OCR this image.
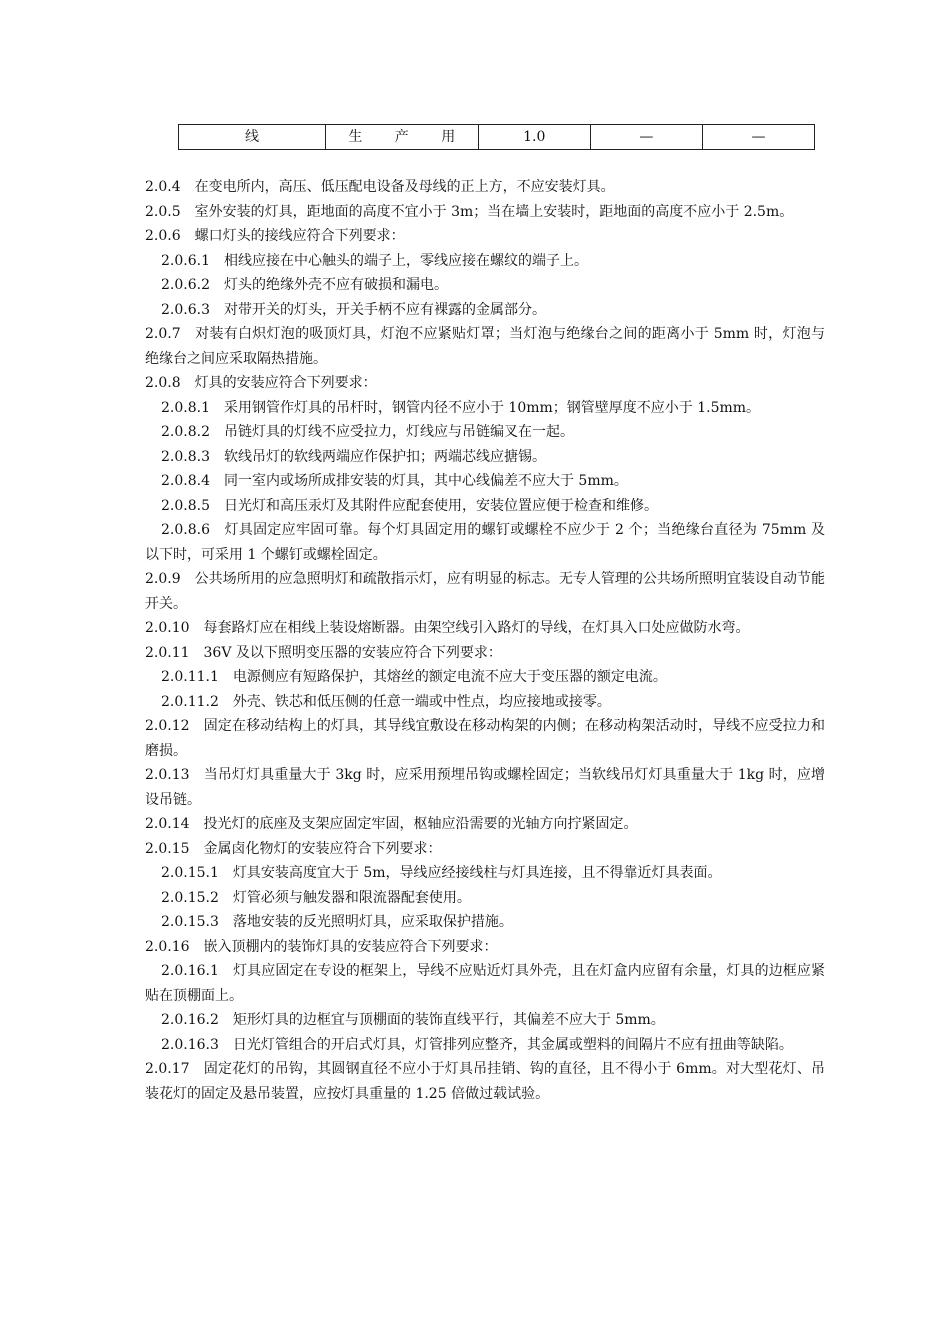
线	生 产 用	1.0	—	—

2.0.4　在变电所内，高压、低压配电设备及母线的正上方，不应安装灯具。

2.0.5　室外安装的灯具，距地面的高度不宜小于 3m；当在墙上安装时，距地面的高度不应小于 2.5m。

2.0.6　螺口灯头的接线应符合下列要求：

2.0.6.1　相线应接在中心触头的端子上，零线应接在螺纹的端子上。

2.0.6.2　灯头的绝缘外壳不应有破损和漏电。

2.0.6.3　对带开关的灯头，开关手柄不应有裸露的金属部分。

2.0.7　对装有白炽灯泡的吸顶灯具，灯泡不应紧贴灯罩；当灯泡与绝缘台之间的距离小于 5mm 时，灯泡与绝缘台之间应采取隔热措施。

2.0.8　灯具的安装应符合下列要求：

2.0.8.1　采用钢管作灯具的吊杆时，钢管内径不应小于 10mm；钢管壁厚度不应小于 1.5mm。

2.0.8.2　吊链灯具的灯线不应受拉力，灯线应与吊链编叉在一起。

2.0.8.3　软线吊灯的软线两端应作保护扣；两端芯线应搪锡。

2.0.8.4　同一室内或场所成排安装的灯具，其中心线偏差不应大于 5mm。

2.0.8.5　日光灯和高压汞灯及其附件应配套使用，安装位置应便于检查和维修。

2.0.8.6　灯具固定应牢固可靠。每个灯具固定用的螺钉或螺栓不应少于 2 个；当绝缘台直径为 75mm 及以下时，可采用 1 个螺钉或螺栓固定。

2.0.9　公共场所用的应急照明灯和疏散指示灯，应有明显的标志。无专人管理的公共场所照明宜装设自动节能开关。

2.0.10　每套路灯应在相线上装设熔断器。由架空线引入路灯的导线，在灯具入口处应做防水弯。

2.0.11　36V 及以下照明变压器的安装应符合下列要求：

2.0.11.1　电源侧应有短路保护，其熔丝的额定电流不应大于变压器的额定电流。

2.0.11.2　外壳、铁芯和低压侧的任意一端或中性点，均应接地或接零。

2.0.12　固定在移动结构上的灯具，其导线宜敷设在移动构架的内侧；在移动构架活动时，导线不应受拉力和磨损。

2.0.13　当吊灯灯具重量大于 3kg 时，应采用预埋吊钩或螺栓固定；当软线吊灯灯具重量大于 1kg 时，应增设吊链。

2.0.14　投光灯的底座及支架应固定牢固，枢轴应沿需要的光轴方向拧紧固定。

2.0.15　金属卤化物灯的安装应符合下列要求：

2.0.15.1　灯具安装高度宜大于 5m，导线应经接线柱与灯具连接，且不得靠近灯具表面。

2.0.15.2　灯管必须与触发器和限流器配套使用。

2.0.15.3　落地安装的反光照明灯具，应采取保护措施。

2.0.16　嵌入顶棚内的装饰灯具的安装应符合下列要求：

2.0.16.1　灯具应固定在专设的框架上，导线不应贴近灯具外壳，且在灯盒内应留有余量，灯具的边框应紧贴在顶棚面上。

2.0.16.2　矩形灯具的边框宜与顶棚面的装饰直线平行，其偏差不应大于 5mm。

2.0.16.3　日光灯管组合的开启式灯具，灯管排列应整齐，其金属或塑料的间隔片不应有扭曲等缺陷。

2.0.17　固定花灯的吊钩，其圆钢直径不应小于灯具吊挂销、钩的直径，且不得小于 6mm。对大型花灯、吊装花灯的固定及悬吊装置，应按灯具重量的 1.25 倍做过载试验。
